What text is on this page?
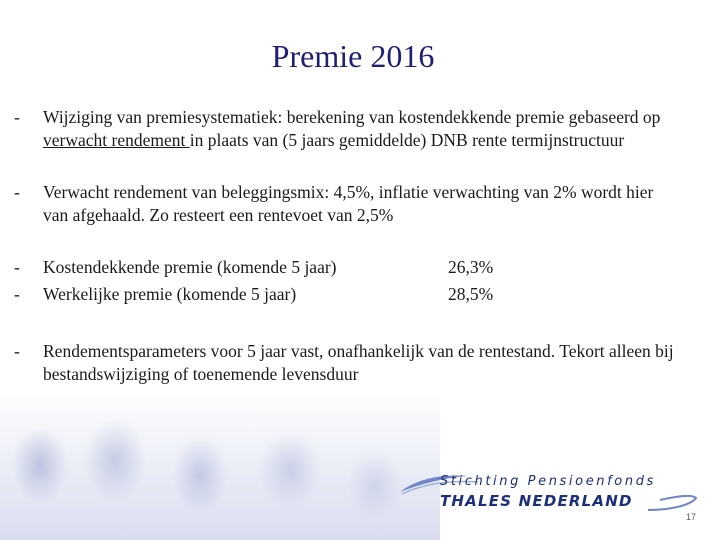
Premie 2016
- Wijziging van premiesystematiek: berekening van kostendekkende premie gebaseerd op verwacht rendement in plaats van (5 jaars gemiddelde) DNB rente termijnstructuur
- Verwacht rendement van beleggingsmix: 4,5%, inflatie verwachting van 2% wordt hier van afgehaald. Zo resteert een rentevoet van 2,5%
- Kostendekkende premie (komende 5 jaar)	26,3%
- Werkelijke premie (komende 5 jaar)	28,5%
- Rendementsparameters voor 5 jaar vast, onafhankelijk van de rentestand. Tekort alleen bij bestandswijziging of toenemende levensduur
Stichting Pensioenfonds
THALES NEDERLAND
17
